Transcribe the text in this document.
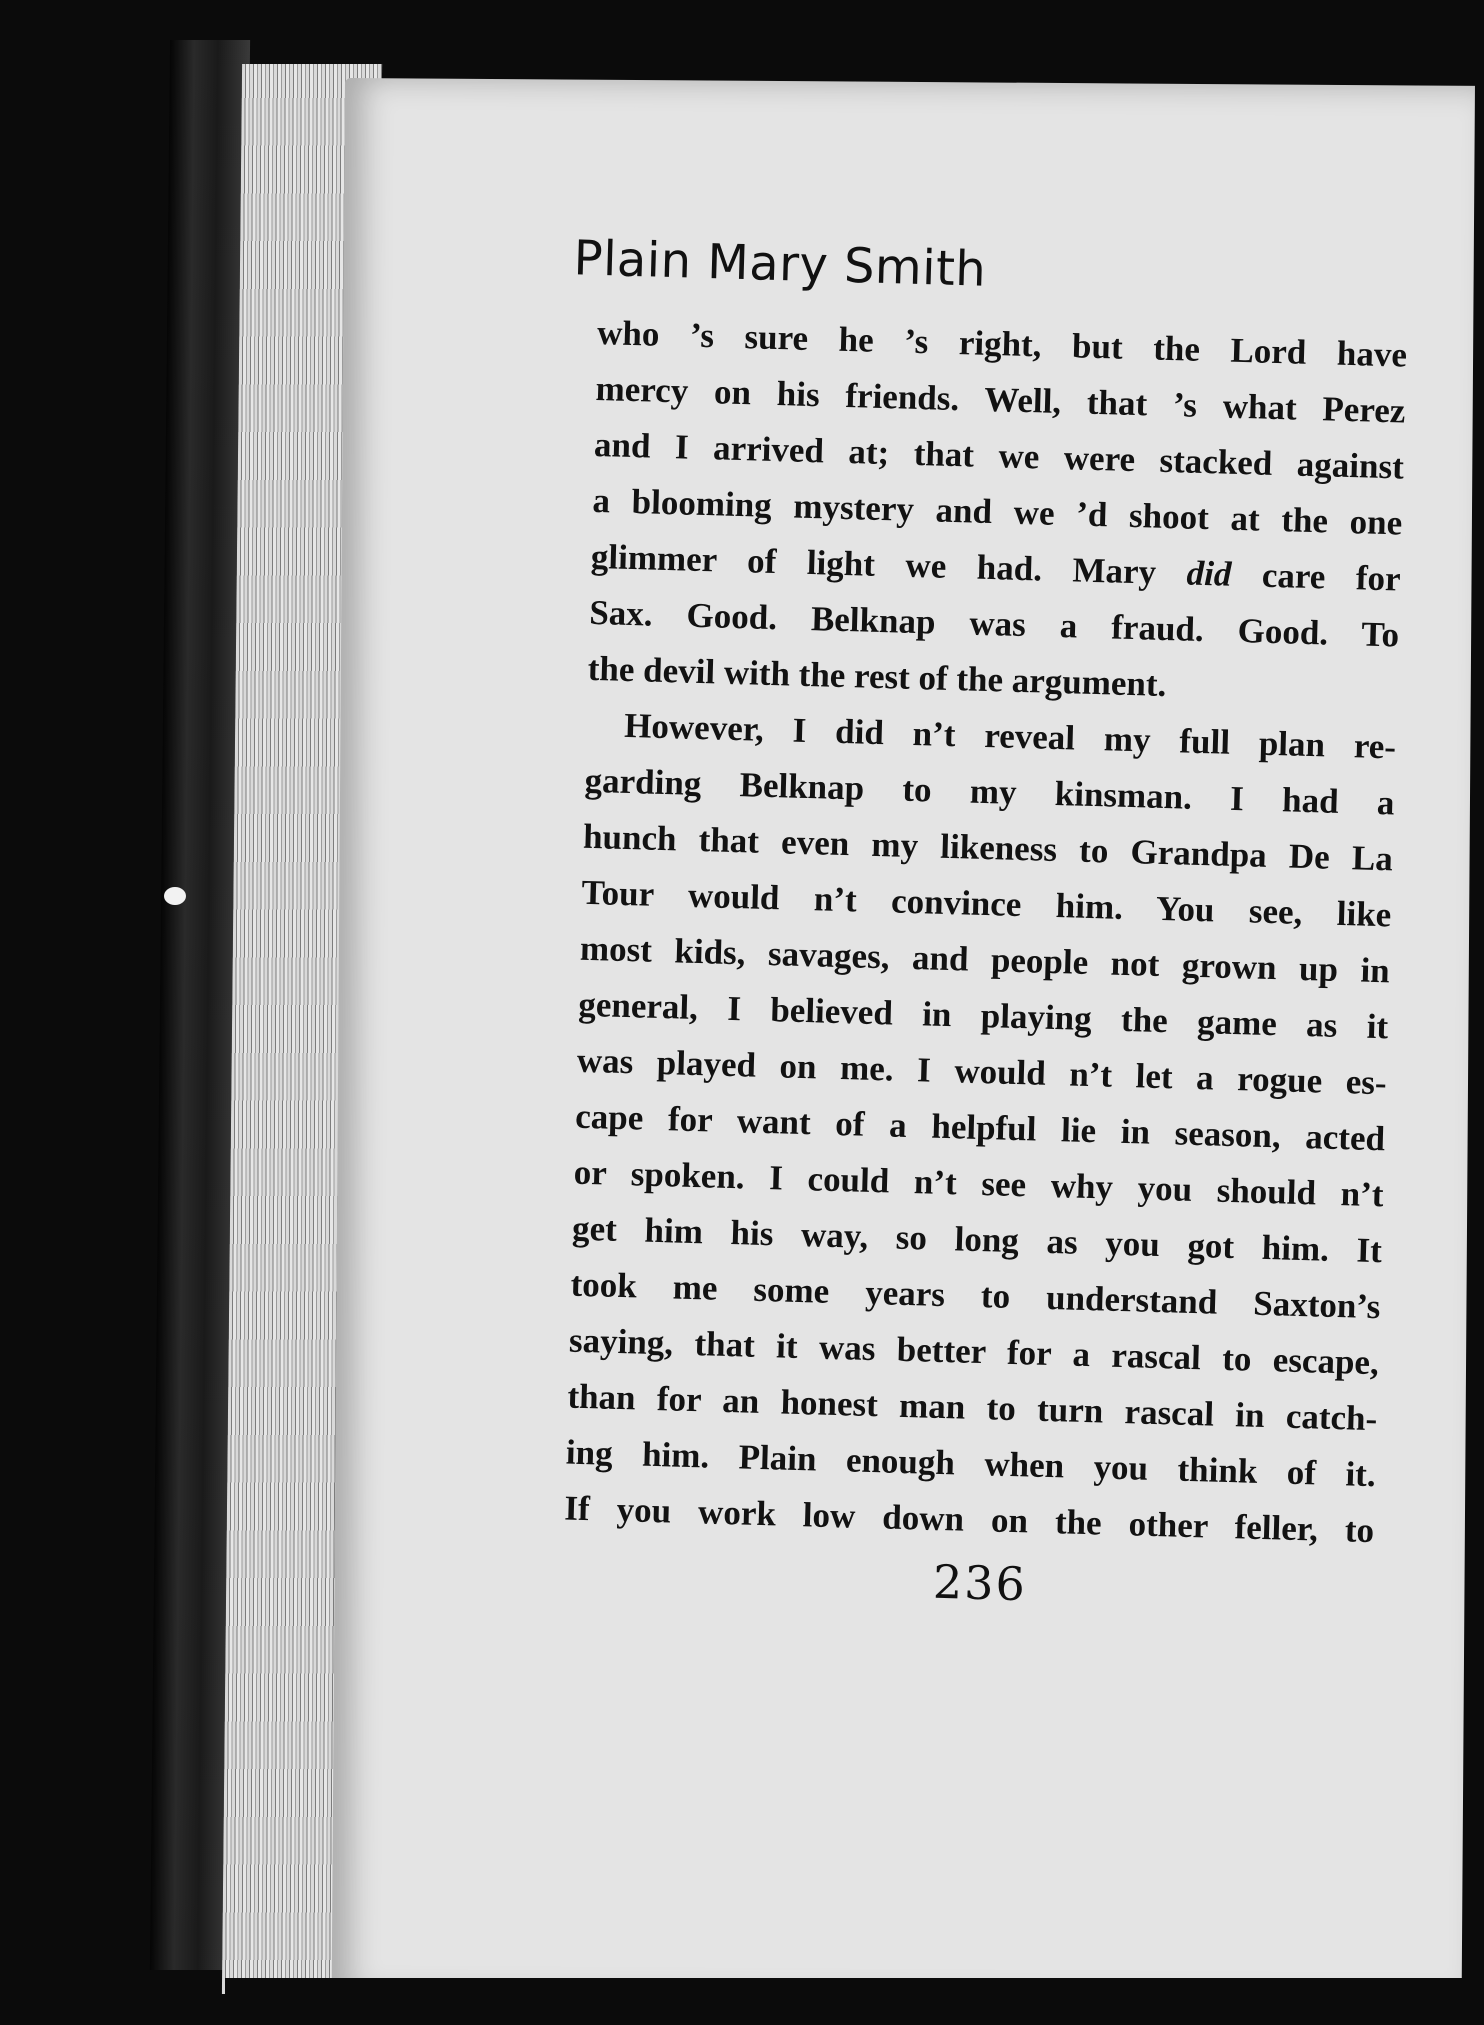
Plain Mary Smith
who ’s sure he ’s right, but the Lord have
mercy on his friends. Well, that ’s what Perez
and I arrived at; that we were stacked against
a blooming mystery and we ’d shoot at the one
glimmer of light we had. Mary did care for
Sax. Good. Belknap was a fraud. Good. To
the devil with the rest of the argument.
However, I did n’t reveal my full plan re-
garding Belknap to my kinsman. I had a
hunch that even my likeness to Grandpa De La
Tour would n’t convince him. You see, like
most kids, savages, and people not grown up in
general, I believed in playing the game as it
was played on me. I would n’t let a rogue es-
cape for want of a helpful lie in season, acted
or spoken. I could n’t see why you should n’t
get him his way, so long as you got him. It
took me some years to understand Saxton’s
saying, that it was better for a rascal to escape,
than for an honest man to turn rascal in catch-
ing him. Plain enough when you think of it.
If you work low down on the other feller, to
236
